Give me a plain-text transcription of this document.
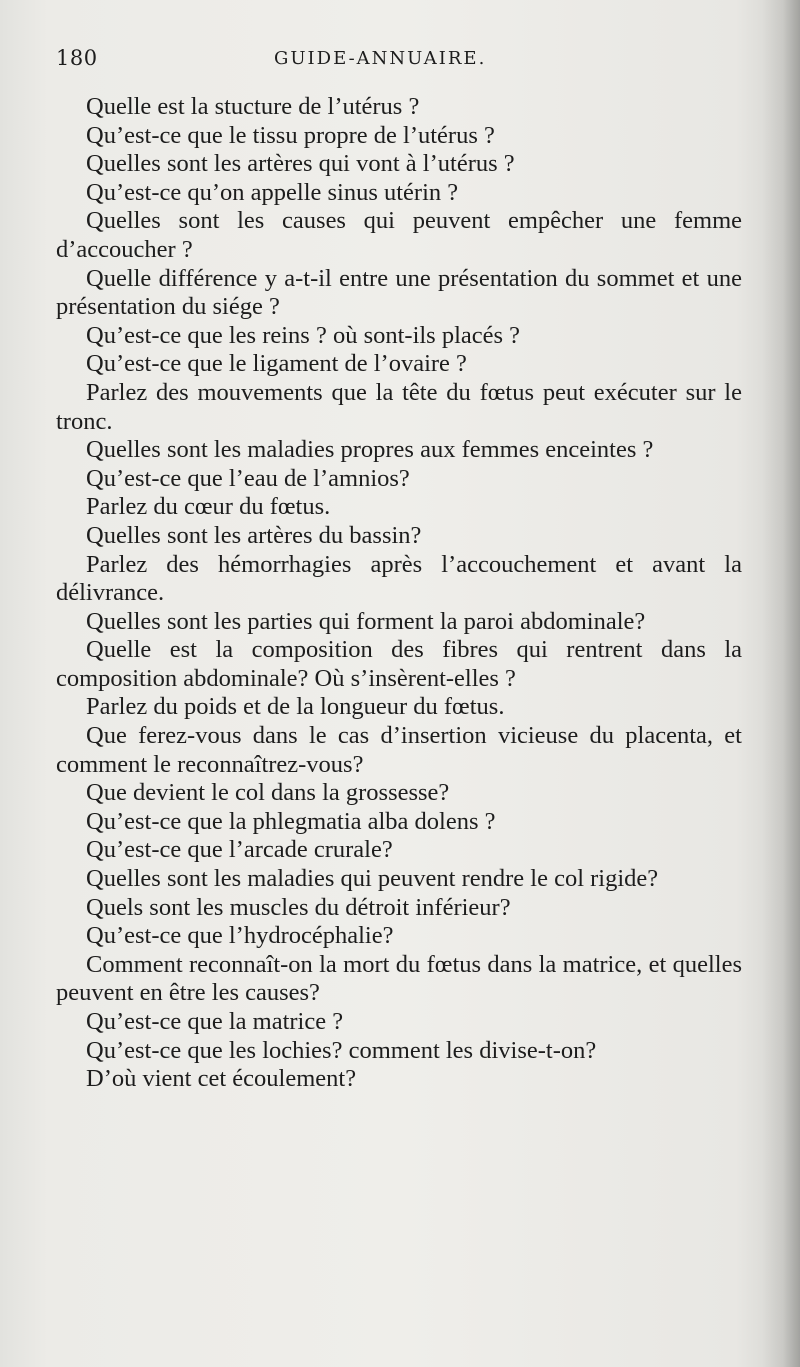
180	GUIDE-ANNUAIRE.

Quelle est la stucture de l’utérus ?

Qu’est-ce que le tissu propre de l’utérus ?

Quelles sont les artères qui vont à l’utérus ?

Qu’est-ce qu’on appelle sinus utérin ?

Quelles sont les causes qui peuvent empêcher une femme d’accoucher ?

Quelle différence y a-t-il entre une présentation du sommet et une présentation du siége ?

Qu’est-ce que les reins ? où sont-ils placés ?

Qu’est-ce que le ligament de l’ovaire ?

Parlez des mouvements que la tête du fœtus peut exécuter sur le tronc.

Quelles sont les maladies propres aux femmes enceintes ?

Qu’est-ce que l’eau de l’amnios?

Parlez du cœur du fœtus.

Quelles sont les artères du bassin?

Parlez des hémorrhagies après l’accouchement et avant la délivrance.

Quelles sont les parties qui forment la paroi abdominale?

Quelle est la composition des fibres qui rentrent dans la composition abdominale? Où s’insèrent-elles ?

Parlez du poids et de la longueur du fœtus.

Que ferez-vous dans le cas d’insertion vicieuse du placenta, et comment le reconnaîtrez-vous?

Que devient le col dans la grossesse?

Qu’est-ce que la phlegmatia alba dolens ?

Qu’est-ce que l’arcade crurale?

Quelles sont les maladies qui peuvent rendre le col rigide?

Quels sont les muscles du détroit inférieur?

Qu’est-ce que l’hydrocéphalie?

Comment reconnaît-on la mort du fœtus dans la matrice, et quelles peuvent en être les causes?

Qu’est-ce que la matrice ?

Qu’est-ce que les lochies? comment les divise-t-on?

D’où vient cet écoulement?
